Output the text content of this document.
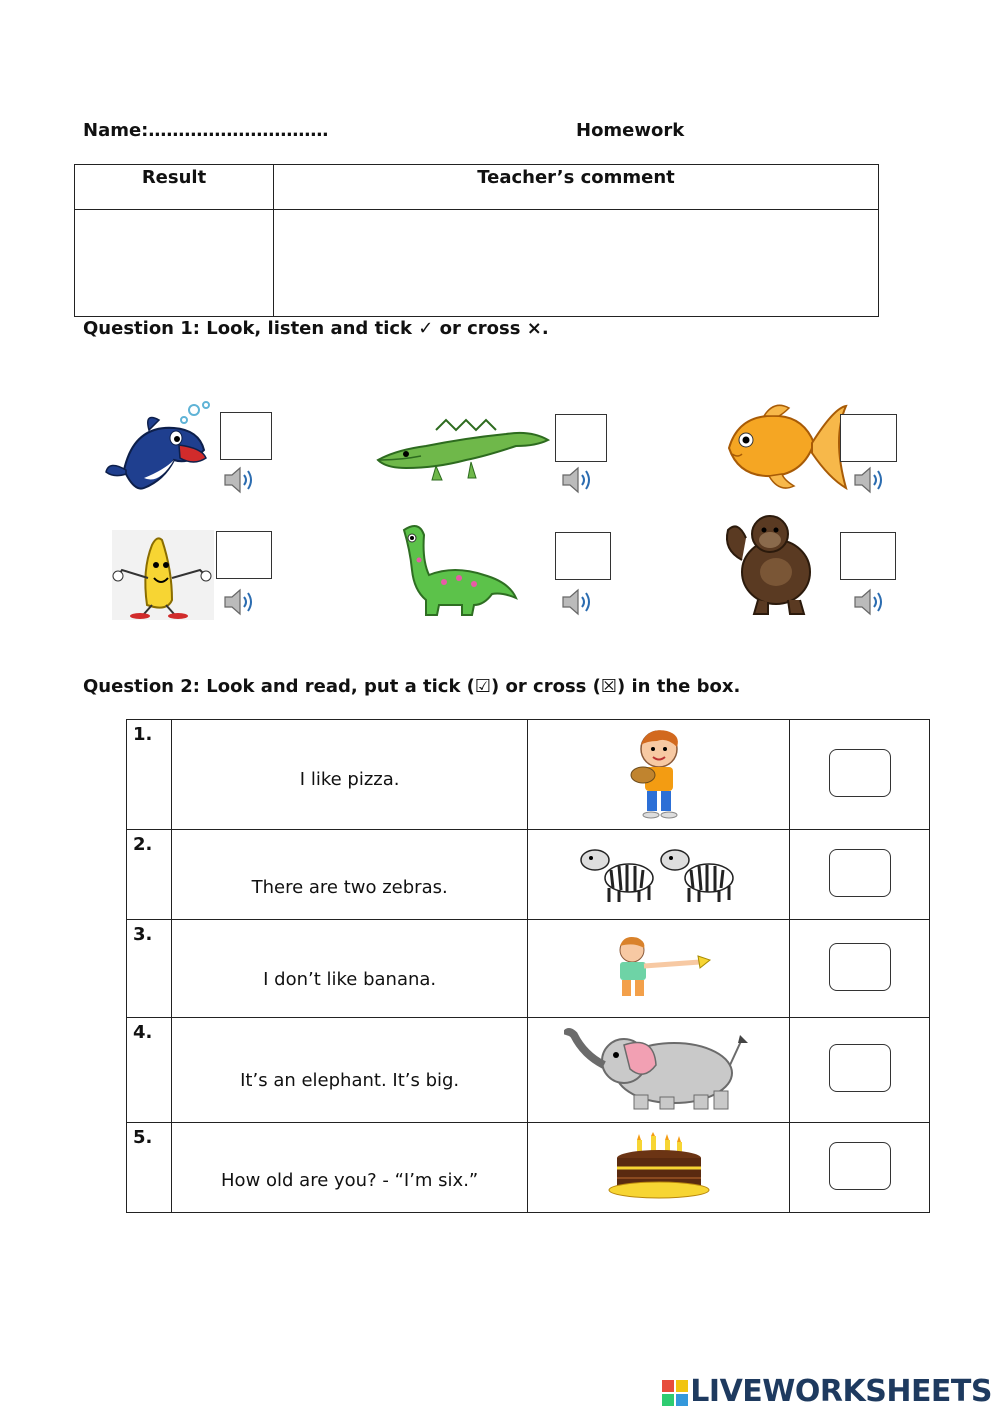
Name:…………………………	Homework
Result	Teacher’s comment

Question 1: Look, listen and tick ✓ or cross ×.
Question 2: Look and read, put a tick (☑) or cross (☒) in the box.
1.	I like pizza.

2.	There are two zebras.

3.	I don’t like banana.

4.	It’s an elephant. It’s big.

5.	How old are you? - “I’m six.”

LIVEWORKSHEETS
